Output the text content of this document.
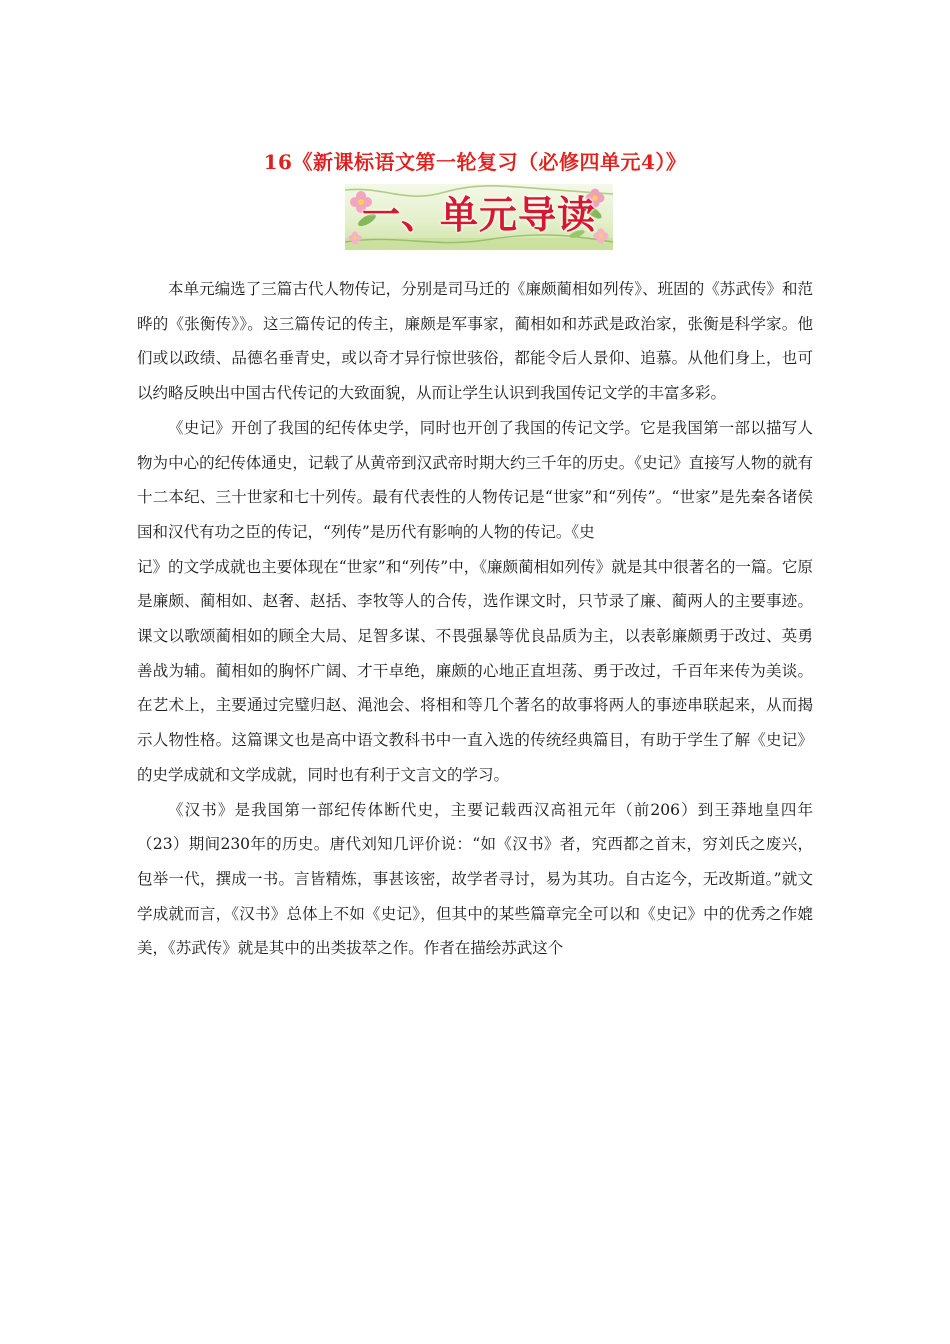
16《新课标语文第一轮复习（必修四单元4）》
一、单元导读

本单元编选了三篇古代人物传记，分别是司马迁的《廉颇蔺相如列传》、班固的《苏武传》和范晔的《张衡传》》。这三篇传记的传主，廉颇是军事家，蔺相如和苏武是政治家，张衡是科学家。他们或以政绩、品德名垂青史，或以奇才异行惊世骇俗，都能令后人景仰、追慕。从他们身上，也可以约略反映出中国古代传记的大致面貌，从而让学生认识到我国传记文学的丰富多彩。

《史记》开创了我国的纪传体史学，同时也开创了我国的传记文学。它是我国第一部以描写人物为中心的纪传体通史，记载了从黄帝到汉武帝时期大约三千年的历史。《史记》直接写人物的就有十二本纪、三十世家和七十列传。最有代表性的人物传记是“世家”和“列传”。“世家”是先秦各诸侯国和汉代有功之臣的传记，“列传”是历代有影响的人物的传记。《史

记》的文学成就也主要体现在“世家”和“列传”中，《廉颇蔺相如列传》就是其中很著名的一篇。它原是廉颇、蔺相如、赵奢、赵括、李牧等人的合传，选作课文时，只节录了廉、蔺两人的主要事迹。课文以歌颂蔺相如的顾全大局、足智多谋、不畏强暴等优良品质为主，以表彰廉颇勇于改过、英勇善战为辅。蔺相如的胸怀广阔、才干卓绝，廉颇的心地正直坦荡、勇于改过，千百年来传为美谈。在艺术上，主要通过完璧归赵、渑池会、将相和等几个著名的故事将两人的事迹串联起来，从而揭示人物性格。这篇课文也是高中语文教科书中一直入选的传统经典篇目，有助于学生了解《史记》的史学成就和文学成就，同时也有利于文言文的学习。

《汉书》是我国第一部纪传体断代史，主要记载西汉高祖元年（前206）到王莽地皇四年（23）期间230年的历史。唐代刘知几评价说：“如《汉书》者，究西都之首末，穷刘氏之废兴，包举一代，撰成一书。言皆精炼，事甚该密，故学者寻讨，易为其功。自古迄今，无改斯道。”就文学成就而言，《汉书》总体上不如《史记》，但其中的某些篇章完全可以和《史记》中的优秀之作媲美，《苏武传》就是其中的出类拔萃之作。作者在描绘苏武这个
